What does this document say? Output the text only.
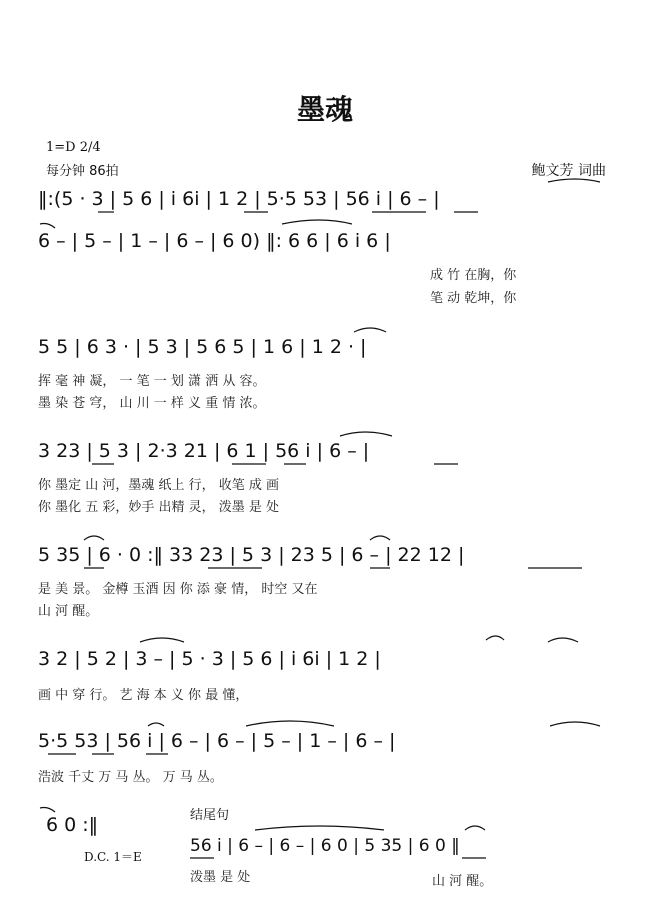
墨魂
1=D 2/4
每分钟 86拍	鲍文芳 词曲
‖:(5 · 3 | 5 6 | i 6i | 1 2 | 5·5 53 | 56 i | 6 – |
6 – | 5 – | 1 – | 6 – | 6 0) ‖: 6 6 | 6 i 6 |
成 竹 在胸，你
笔 动 乾坤，你
5 5 | 6 3 · | 5 3 | 5 6 5 | 1 6 | 1 2 · |
挥 毫 神 凝， 一 笔 一 划 潇 洒 从 容。
墨 染 苍 穹， 山 川 一 样 义 重 情 浓。
3 23 | 5 3 | 2·3 21 | 6 1 | 56 i | 6 – |
你 墨定 山 河，墨魂 纸上 行， 收笔 成 画
你 墨化 五 彩，妙手 出精 灵， 泼墨 是 处
5 35 | 6 · 0 :‖ 33 23 | 5 3 | 23 5 | 6 – | 22 12 |
是 美 景。 金樽 玉酒 因 你 添 豪 情， 时空 又在
山 河 醒。
3 2 | 5 2 | 3 – | 5 · 3 | 5 6 | i 6i | 1 2 |
画 中 穿 行。 艺 海 本 义 你 最 懂，
5·5 53 | 56 i | 6 – | 6 – | 5 – | 1 – | 6 – |
浩波 千丈 万 马 丛。 万 马 丛。
6 0 :‖
D.C. 1＝E
结尾句
56 i | 6 – | 6 – | 6 0 | 5 35 | 6 0 ‖
泼墨 是 处	山 河 醒。
